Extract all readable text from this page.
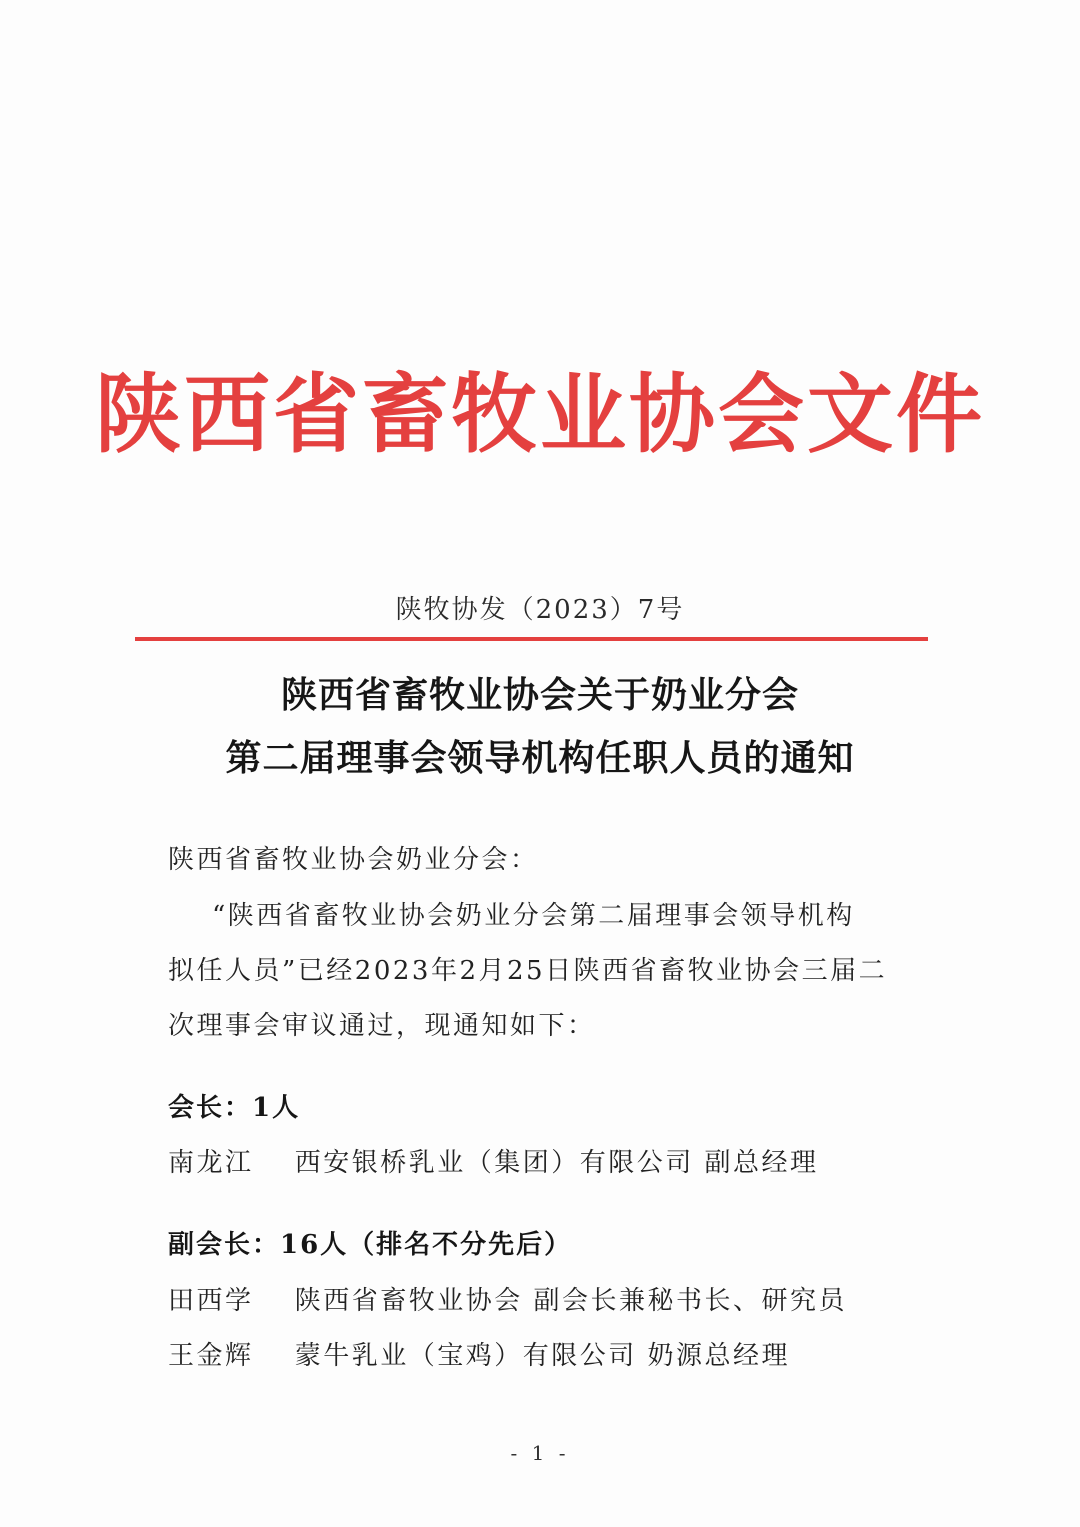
陕西省畜牧业协会文件
陕牧协发（2023）7号
陕西省畜牧业协会关于奶业分会
第二届理事会领导机构任职人员的通知
陕西省畜牧业协会奶业分会：
“陕西省畜牧业协会奶业分会第二届理事会领导机构
拟任人员”已经2023年2月25日陕西省畜牧业协会三届二
次理事会审议通过，现通知如下：
会长：1人
南龙江 西安银桥乳业（集团）有限公司 副总经理
副会长：16人（排名不分先后）
田西学 陕西省畜牧业协会 副会长兼秘书长、研究员
王金辉 蒙牛乳业（宝鸡）有限公司 奶源总经理
- 1 -
